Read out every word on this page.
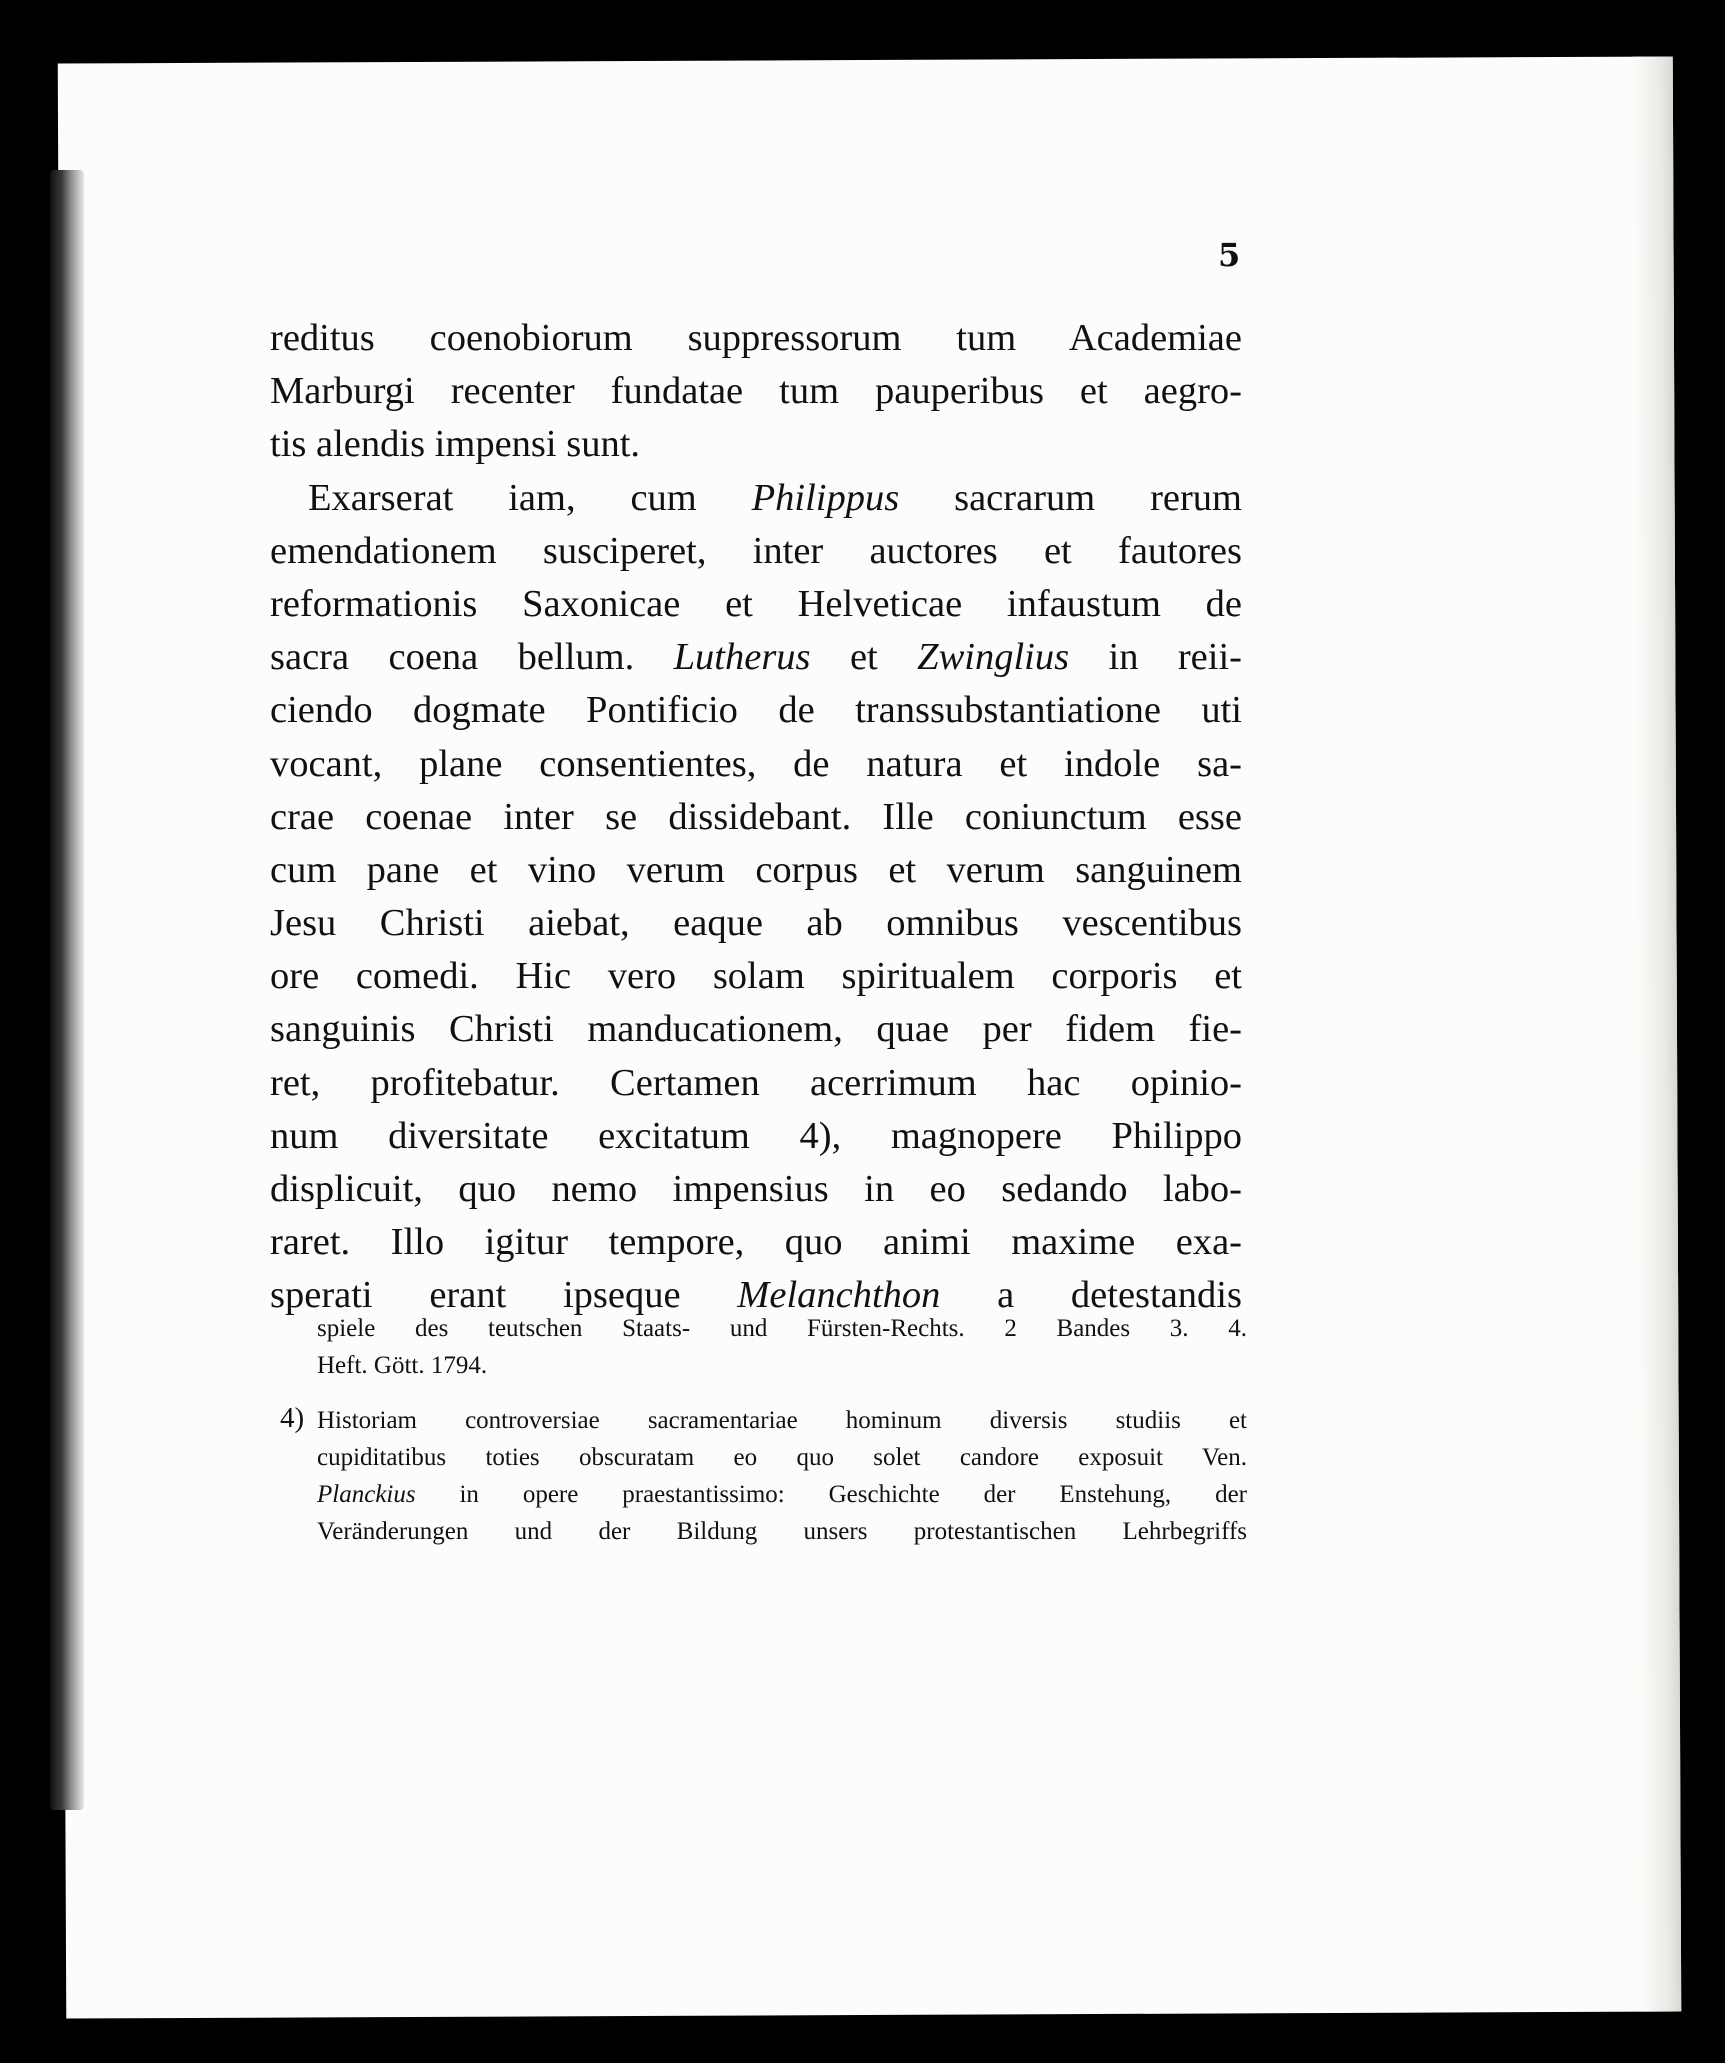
5
reditus coenobiorum suppressorum tum Academiae
Marburgi recenter fundatae tum pauperibus et aegro-
tis alendis impensi sunt.
Exarserat iam, cum Philippus sacrarum rerum
emendationem susciperet, inter auctores et fautores
reformationis Saxonicae et Helveticae infaustum de
sacra coena bellum. Lutherus et Zwinglius in reii-
ciendo dogmate Pontificio de transsubstantiatione uti
vocant, plane consentientes, de natura et indole sa-
crae coenae inter se dissidebant. Ille coniunctum esse
cum pane et vino verum corpus et verum sanguinem
Jesu Christi aiebat, eaque ab omnibus vescentibus
ore comedi. Hic vero solam spiritualem corporis et
sanguinis Christi manducationem, quae per fidem fie-
ret, profitebatur. Certamen acerrimum hac opinio-
num diversitate excitatum 4), magnopere Philippo
displicuit, quo nemo impensius in eo sedando labo-
raret. Illo igitur tempore, quo animi maxime exa-
sperati erant ipseque Melanchthon a detestandis
spiele des teutschen Staats- und Fürsten-Rechts. 2 Bandes 3. 4.
Heft. Gött. 1794.
4) Historiam controversiae sacramentariae hominum diversis studiis et
cupiditatibus toties obscuratam eo quo solet candore exposuit Ven.
Planckius in opere praestantissimo: Geschichte der Enstehung, der
Veränderungen und der Bildung unsers protestantischen Lehrbegriffs
